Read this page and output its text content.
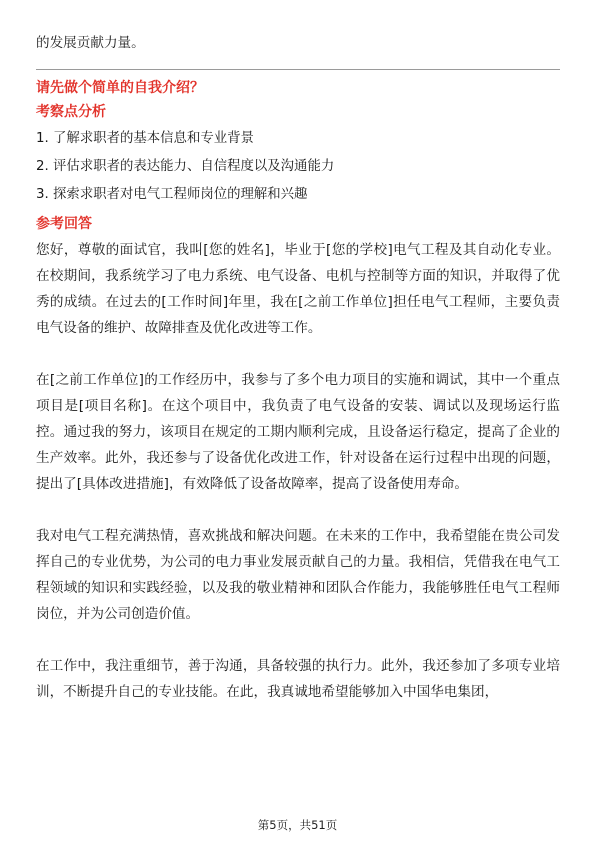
的发展贡献力量。

请先做个简单的自我介绍？

考察点分析

1. 了解求职者的基本信息和专业背景
2. 评估求职者的表达能力、自信程度以及沟通能力
3. 探索求职者对电气工程师岗位的理解和兴趣

参考回答

您好，尊敬的面试官，我叫[您的姓名]，毕业于[您的学校]电气工程及其自动化专业。在校期间，我系统学习了电力系统、电气设备、电机与控制等方面的知识，并取得了优秀的成绩。在过去的[工作时间]年里，我在[之前工作单位]担任电气工程师，主要负责电气设备的维护、故障排查及优化改进等工作。

在[之前工作单位]的工作经历中，我参与了多个电力项目的实施和调试，其中一个重点项目是[项目名称]。在这个项目中，我负责了电气设备的安装、调试以及现场运行监控。通过我的努力，该项目在规定的工期内顺利完成，且设备运行稳定，提高了企业的生产效率。此外，我还参与了设备优化改进工作，针对设备在运行过程中出现的问题，提出了[具体改进措施]，有效降低了设备故障率，提高了设备使用寿命。

我对电气工程充满热情，喜欢挑战和解决问题。在未来的工作中，我希望能在贵公司发挥自己的专业优势，为公司的电力事业发展贡献自己的力量。我相信，凭借我在电气工程领域的知识和实践经验，以及我的敬业精神和团队合作能力，我能够胜任电气工程师岗位，并为公司创造价值。

在工作中，我注重细节，善于沟通，具备较强的执行力。此外，我还参加了多项专业培训，不断提升自己的专业技能。在此，我真诚地希望能够加入中国华电集团，

第5页，共51页
